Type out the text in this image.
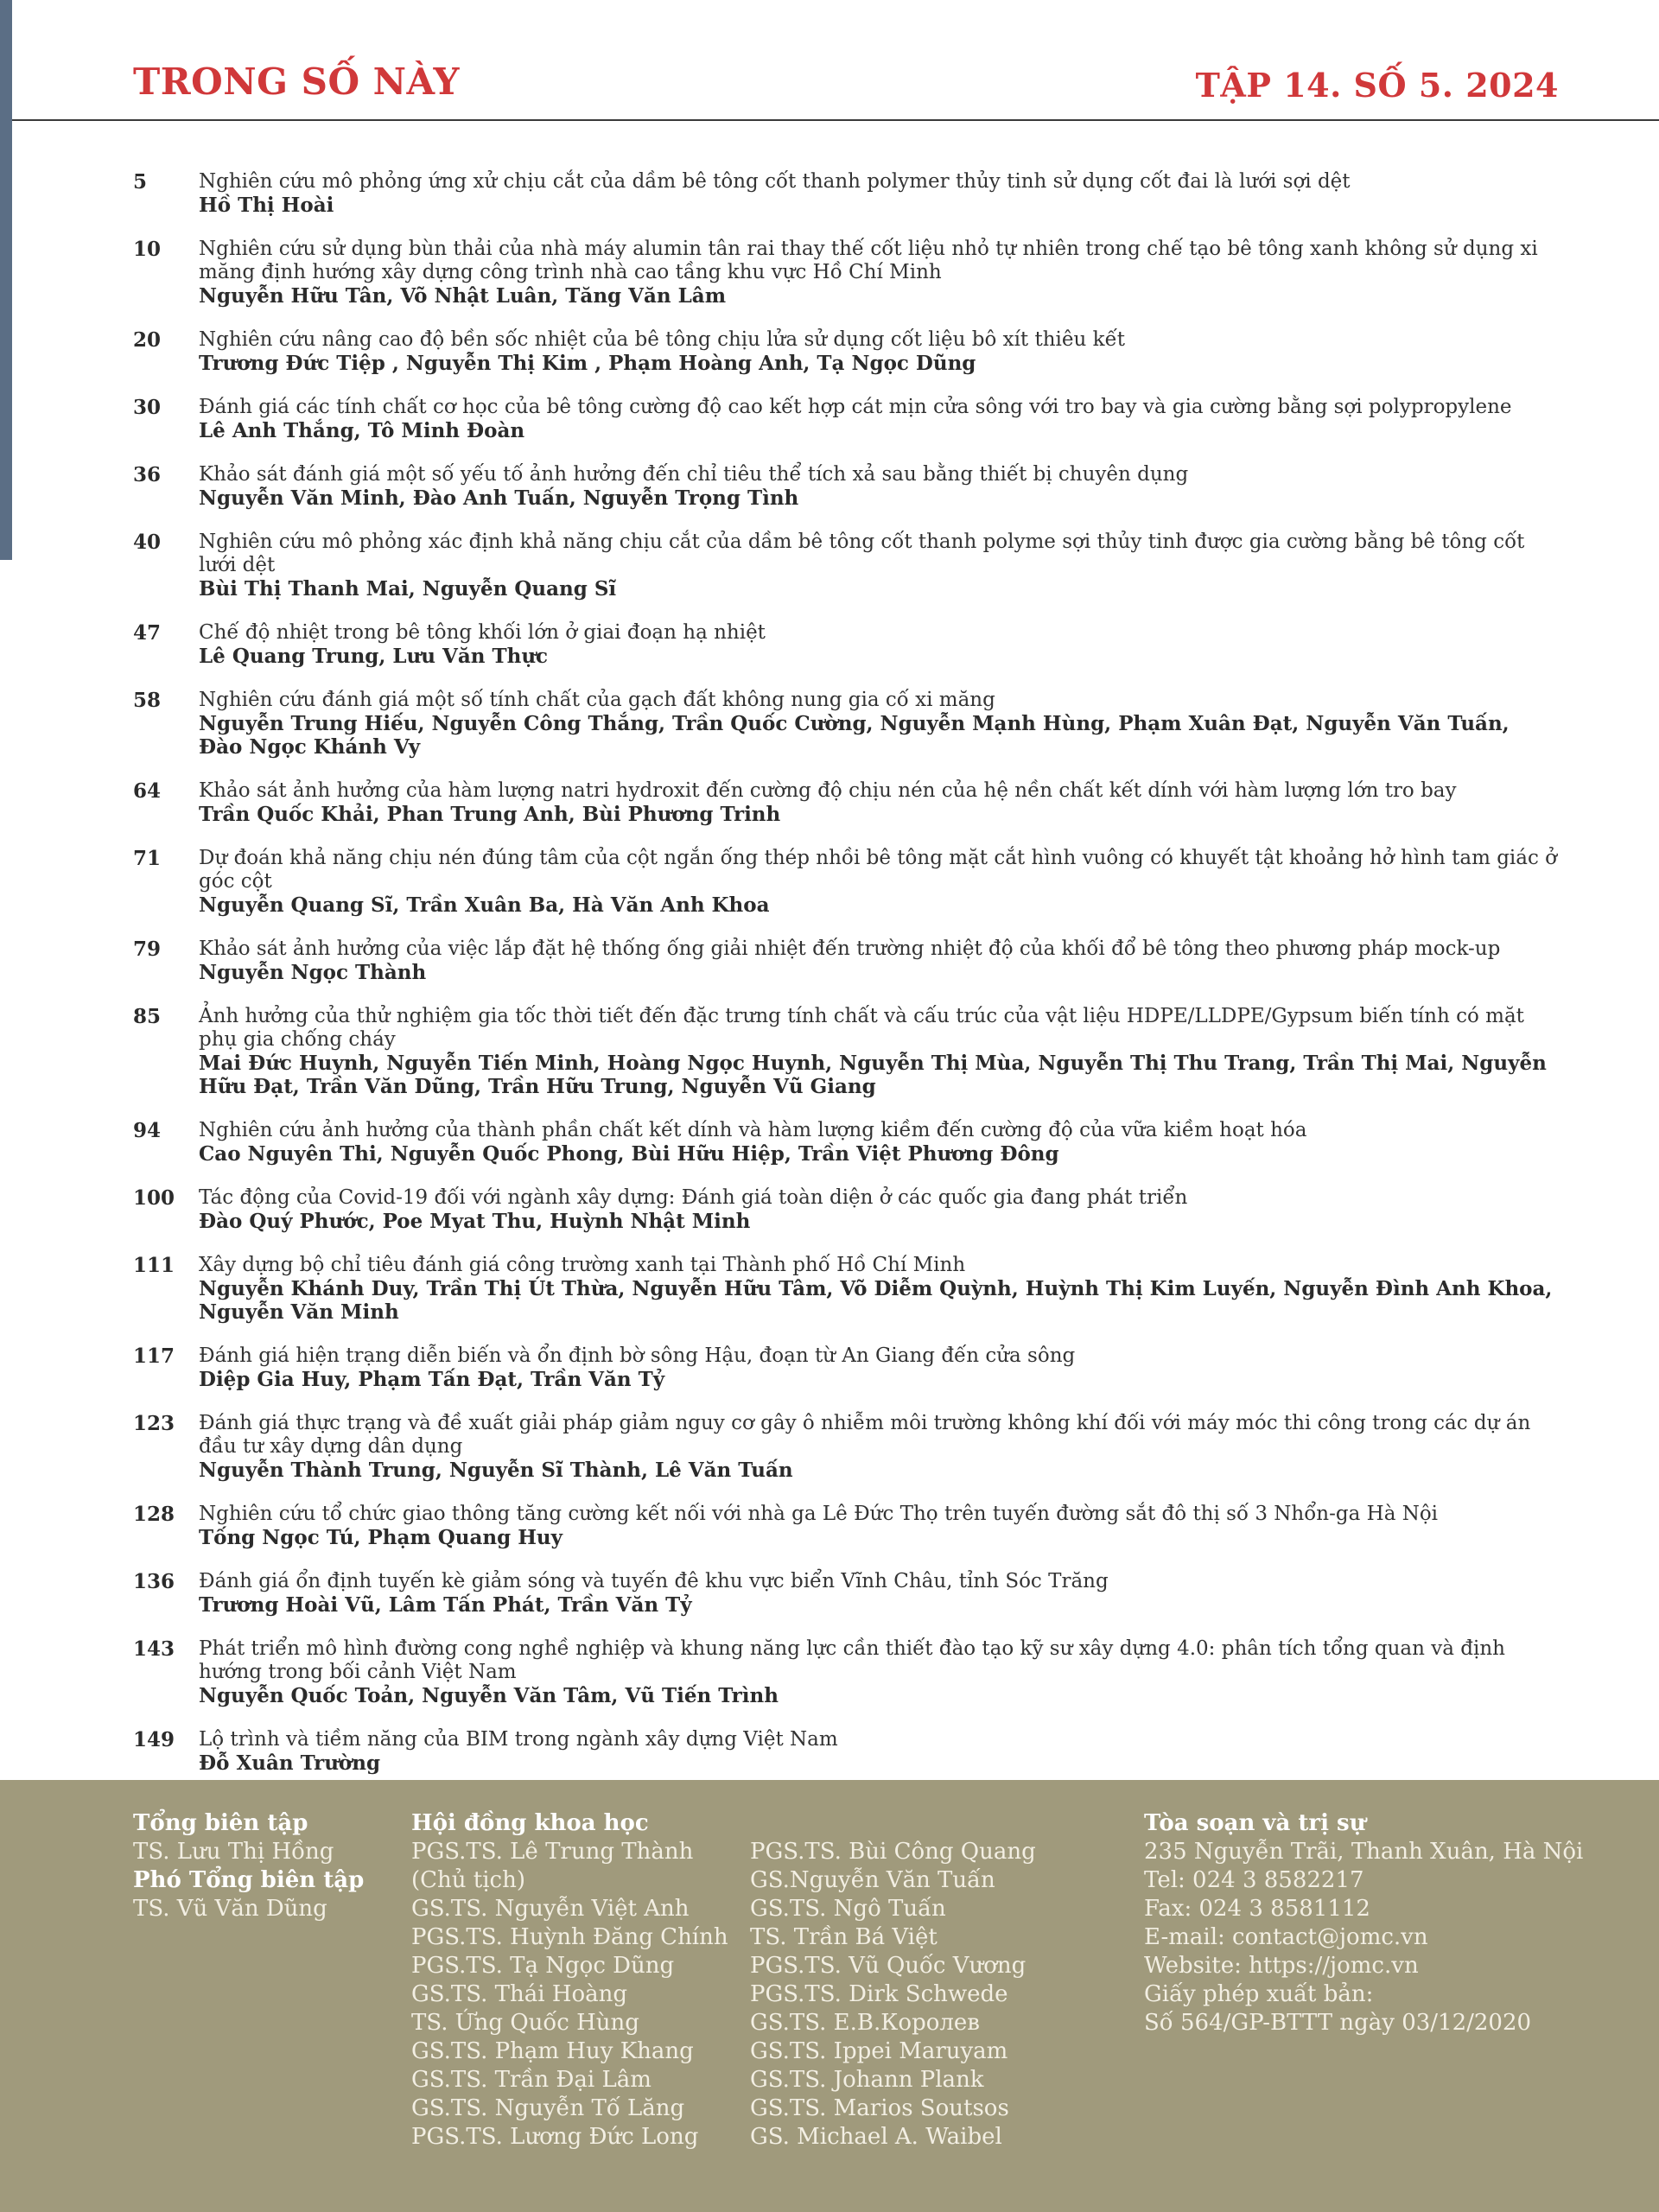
TRONG SỐ NÀY	TẬP 14. SỐ 5. 2024
5	Nghiên cứu mô phỏng ứng xử chịu cắt của dầm bê tông cốt thanh polymer thủy tinh sử dụng cốt đai là lưới sợi dệt
Hồ Thị Hoài
10	Nghiên cứu sử dụng bùn thải của nhà máy alumin tân rai thay thế cốt liệu nhỏ tự nhiên trong chế tạo bê tông xanh không sử dụng xi măng định hướng xây dựng công trình nhà cao tầng khu vực Hồ Chí Minh
Nguyễn Hữu Tân, Võ Nhật Luân, Tăng Văn Lâm
20	Nghiên cứu nâng cao độ bền sốc nhiệt của bê tông chịu lửa sử dụng cốt liệu bô xít thiêu kết
Trương Đức Tiệp , Nguyễn Thị Kim , Phạm Hoàng Anh, Tạ Ngọc Dũng
30	Đánh giá các tính chất cơ học của bê tông cường độ cao kết hợp cát mịn cửa sông với tro bay và gia cường bằng sợi polypropylene
Lê Anh Thắng, Tô Minh Đoàn
36	Khảo sát đánh giá một số yếu tố ảnh hưởng đến chỉ tiêu thể tích xả sau bằng thiết bị chuyên dụng
Nguyễn Văn Minh, Đào Anh Tuấn, Nguyễn Trọng Tình
40	Nghiên cứu mô phỏng xác định khả năng chịu cắt của dầm bê tông cốt thanh polyme sợi thủy tinh được gia cường bằng bê tông cốt lưới dệt
Bùi Thị Thanh Mai, Nguyễn Quang Sĩ
47	Chế độ nhiệt trong bê tông khối lớn ở giai đoạn hạ nhiệt
Lê Quang Trung, Lưu Văn Thực
58	Nghiên cứu đánh giá một số tính chất của gạch đất không nung gia cố xi măng
Nguyễn Trung Hiếu, Nguyễn Công Thắng, Trần Quốc Cường, Nguyễn Mạnh Hùng, Phạm Xuân Đạt, Nguyễn Văn Tuấn, Đào Ngọc Khánh Vy
64	Khảo sát ảnh hưởng của hàm lượng natri hydroxit đến cường độ chịu nén của hệ nền chất kết dính với hàm lượng lớn tro bay
Trần Quốc Khải, Phan Trung Anh, Bùi Phương Trinh
71	Dự đoán khả năng chịu nén đúng tâm của cột ngắn ống thép nhồi bê tông mặt cắt hình vuông có khuyết tật khoảng hở hình tam giác ở góc cột
Nguyễn Quang Sĩ, Trần Xuân Ba, Hà Văn Anh Khoa
79	Khảo sát ảnh hưởng của việc lắp đặt hệ thống ống giải nhiệt đến trường nhiệt độ của khối đổ bê tông theo phương pháp mock-up
Nguyễn Ngọc Thành
85	Ảnh hưởng của thử nghiệm gia tốc thời tiết đến đặc trưng tính chất và cấu trúc của vật liệu HDPE/LLDPE/Gypsum biến tính có mặt phụ gia chống cháy
Mai Đức Huynh, Nguyễn Tiến Minh, Hoàng Ngọc Huynh, Nguyễn Thị Mùa, Nguyễn Thị Thu Trang, Trần Thị Mai, Nguyễn Hữu Đạt, Trần Văn Dũng, Trần Hữu Trung, Nguyễn Vũ Giang
94	Nghiên cứu ảnh hưởng của thành phần chất kết dính và hàm lượng kiềm đến cường độ của vữa kiềm hoạt hóa
Cao Nguyên Thi, Nguyễn Quốc Phong, Bùi Hữu Hiệp, Trần Việt Phương Đông
100	Tác động của Covid-19 đối với ngành xây dựng: Đánh giá toàn diện ở các quốc gia đang phát triển
Đào Quý Phước, Poe Myat Thu, Huỳnh Nhật Minh
111	Xây dựng bộ chỉ tiêu đánh giá công trường xanh tại Thành phố Hồ Chí Minh
Nguyễn Khánh Duy, Trần Thị Út Thừa, Nguyễn Hữu Tâm, Võ Diễm Quỳnh, Huỳnh Thị Kim Luyến, Nguyễn Đình Anh Khoa, Nguyễn Văn Minh
117	Đánh giá hiện trạng diễn biến và ổn định bờ sông Hậu, đoạn từ An Giang đến cửa sông
Diệp Gia Huy, Phạm Tấn Đạt, Trần Văn Tỷ
123	Đánh giá thực trạng và đề xuất giải pháp giảm nguy cơ gây ô nhiễm môi trường không khí đối với máy móc thi công trong các dự án đầu tư xây dựng dân dụng
Nguyễn Thành Trung, Nguyễn Sĩ Thành, Lê Văn Tuấn
128	Nghiên cứu tổ chức giao thông tăng cường kết nối với nhà ga Lê Đức Thọ trên tuyến đường sắt đô thị số 3 Nhổn-ga Hà Nội
Tống Ngọc Tú, Phạm Quang Huy
136	Đánh giá ổn định tuyến kè giảm sóng và tuyến đê khu vực biển Vĩnh Châu, tỉnh Sóc Trăng
Trương Hoài Vũ, Lâm Tấn Phát, Trần Văn Tỷ
143	Phát triển mô hình đường cong nghề nghiệp và khung năng lực cần thiết đào tạo kỹ sư xây dựng 4.0: phân tích tổng quan và định hướng trong bối cảnh Việt Nam
Nguyễn Quốc Toản, Nguyễn Văn Tâm, Vũ Tiến Trình
149	Lộ trình và tiềm năng của BIM trong ngành xây dựng Việt Nam
Đỗ Xuân Trường
Tổng biên tập
TS. Lưu Thị Hồng
Phó Tổng biên tập
TS. Vũ Văn Dũng
Hội đồng khoa học
PGS.TS. Lê Trung Thành
(Chủ tịch)
GS.TS. Nguyễn Việt Anh
PGS.TS. Huỳnh Đăng Chính
PGS.TS. Tạ Ngọc Dũng
GS.TS. Thái Hoàng
TS. Ứng Quốc Hùng
GS.TS. Phạm Huy Khang
GS.TS. Trần Đại Lâm
GS.TS. Nguyễn Tố Lăng
PGS.TS. Lương Đức Long
PGS.TS. Bùi Công Quang
GS.Nguyễn Văn Tuấn
GS.TS. Ngô Tuấn
TS. Trần Bá Việt
PGS.TS. Vũ Quốc Vương
PGS.TS. Dirk Schwede
GS.TS. E.B.Королев
GS.TS. Ippei Maruyam
GS.TS. Johann Plank
GS.TS. Marios Soutsos
GS. Michael A. Waibel
Tòa soạn và trị sự
235 Nguyễn Trãi, Thanh Xuân, Hà Nội
Tel: 024 3 8582217
Fax: 024 3 8581112
E-mail: contact@jomc.vn
Website: https://jomc.vn
Giấy phép xuất bản:
Số 564/GP-BTTT ngày 03/12/2020
